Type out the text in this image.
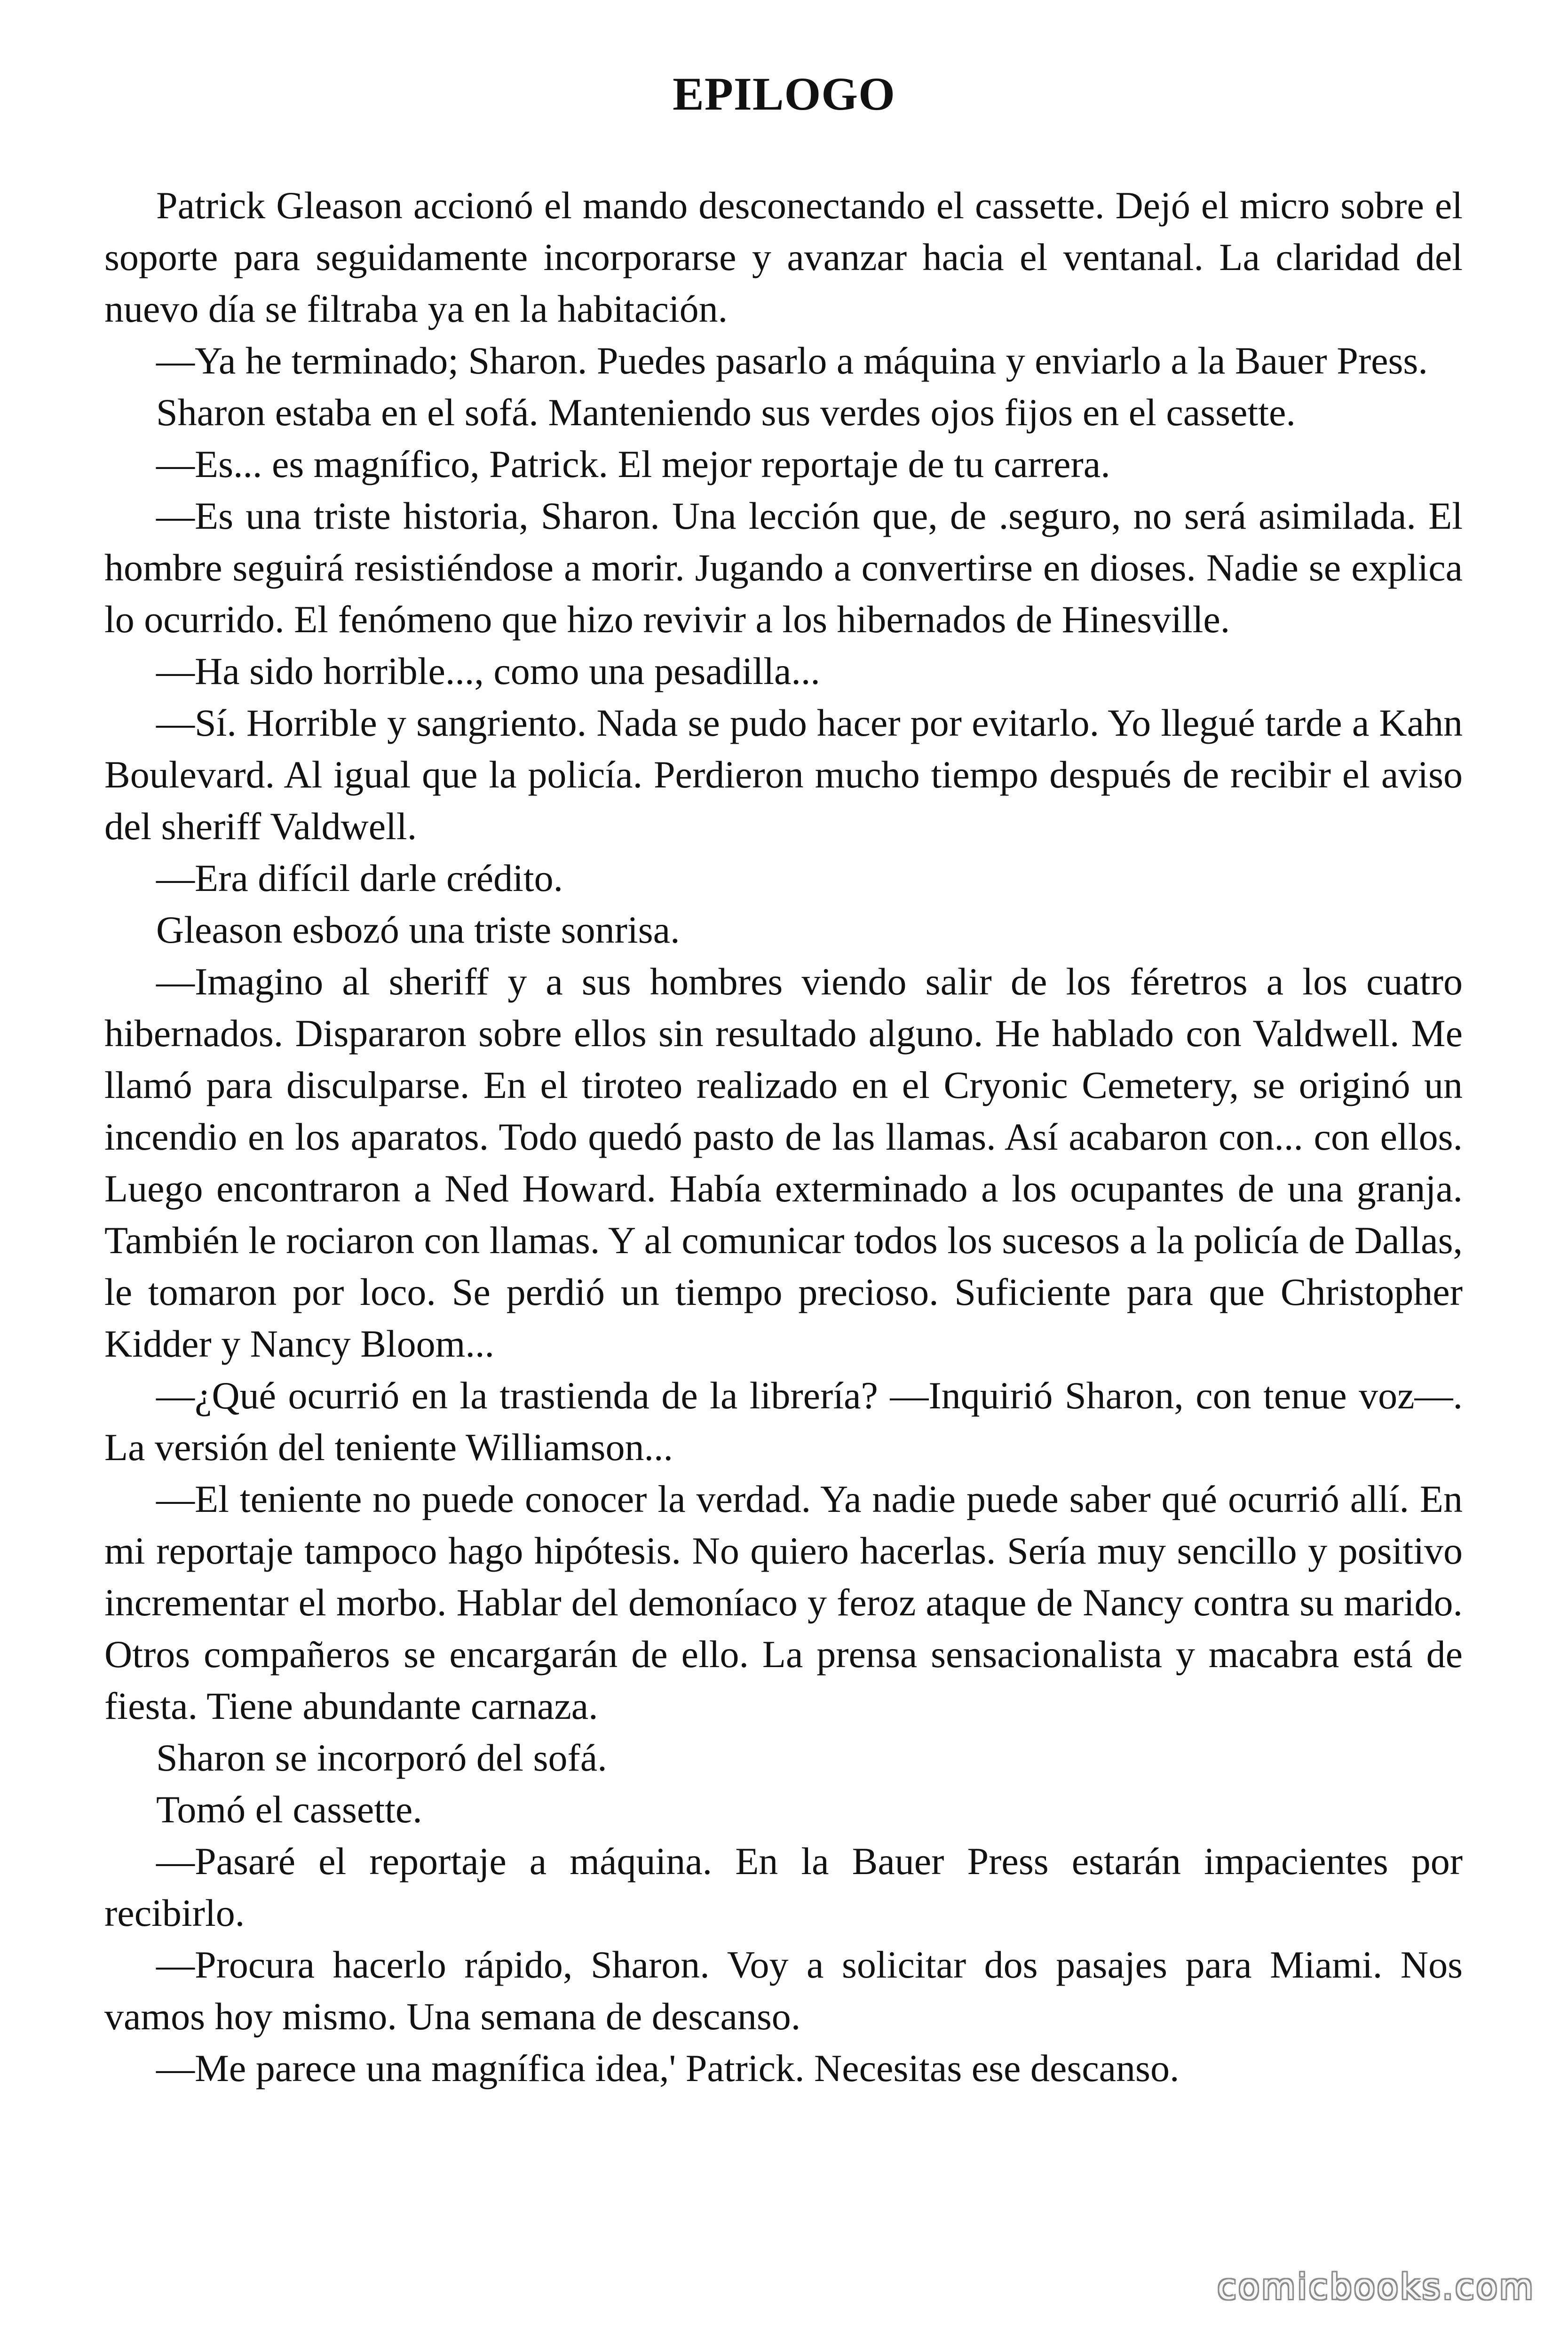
EPILOGO

Patrick Gleason accionó el mando desconectando el cassette. Dejó el micro sobre el soporte para seguidamente incorporarse y avanzar hacia el ventanal. La claridad del nuevo día se filtraba ya en la habitación.

—Ya he terminado; Sharon. Puedes pasarlo a máquina y enviarlo a la Bauer Press.

Sharon estaba en el sofá. Manteniendo sus verdes ojos fijos en el cassette.

—Es... es magnífico, Patrick. El mejor reportaje de tu carrera.

—Es una triste historia, Sharon. Una lección que, de .seguro, no será asimilada. El hombre seguirá resistiéndose a morir. Jugando a convertirse en dioses. Nadie se explica lo ocurrido. El fenómeno que hizo revivir a los hibernados de Hinesville.

—Ha sido horrible..., como una pesadilla...

—Sí. Horrible y sangriento. Nada se pudo hacer por evitarlo. Yo llegué tarde a Kahn Boulevard. Al igual que la policía. Perdieron mucho tiempo después de recibir el aviso del sheriff Valdwell.

—Era difícil darle crédito.

Gleason esbozó una triste sonrisa.

—Imagino al sheriff y a sus hombres viendo salir de los féretros a los cuatro hibernados. Dispararon sobre ellos sin resultado alguno. He hablado con Valdwell. Me llamó para disculparse. En el tiroteo realizado en el Cryonic Cemetery, se originó un incendio en los aparatos. Todo quedó pasto de las llamas. Así acabaron con... con ellos. Luego encontraron a Ned Howard. Había exterminado a los ocupantes de una granja. También le rociaron con llamas. Y al comunicar todos los sucesos a la policía de Dallas, le tomaron por loco. Se perdió un tiempo precioso. Suficiente para que Christopher Kidder y Nancy Bloom...

—¿Qué ocurrió en la trastienda de la librería? —Inquirió Sharon, con tenue voz—. La versión del teniente Williamson...

—El teniente no puede conocer la verdad. Ya nadie puede saber qué ocurrió allí. En mi reportaje tampoco hago hipótesis. No quiero hacerlas. Sería muy sencillo y positivo incrementar el morbo. Hablar del demoníaco y feroz ataque de Nancy contra su marido. Otros compañeros se encargarán de ello. La prensa sensacionalista y macabra está de fiesta. Tiene abundante carnaza.

Sharon se incorporó del sofá.

Tomó el cassette.

—Pasaré el reportaje a máquina. En la Bauer Press estarán impacientes por recibirlo.

—Procura hacerlo rápido, Sharon. Voy a solicitar dos pasajes para Miami. Nos vamos hoy mismo. Una semana de descanso.

—Me parece una magnífica idea,' Patrick. Necesitas ese descanso.

comicbooks.com
